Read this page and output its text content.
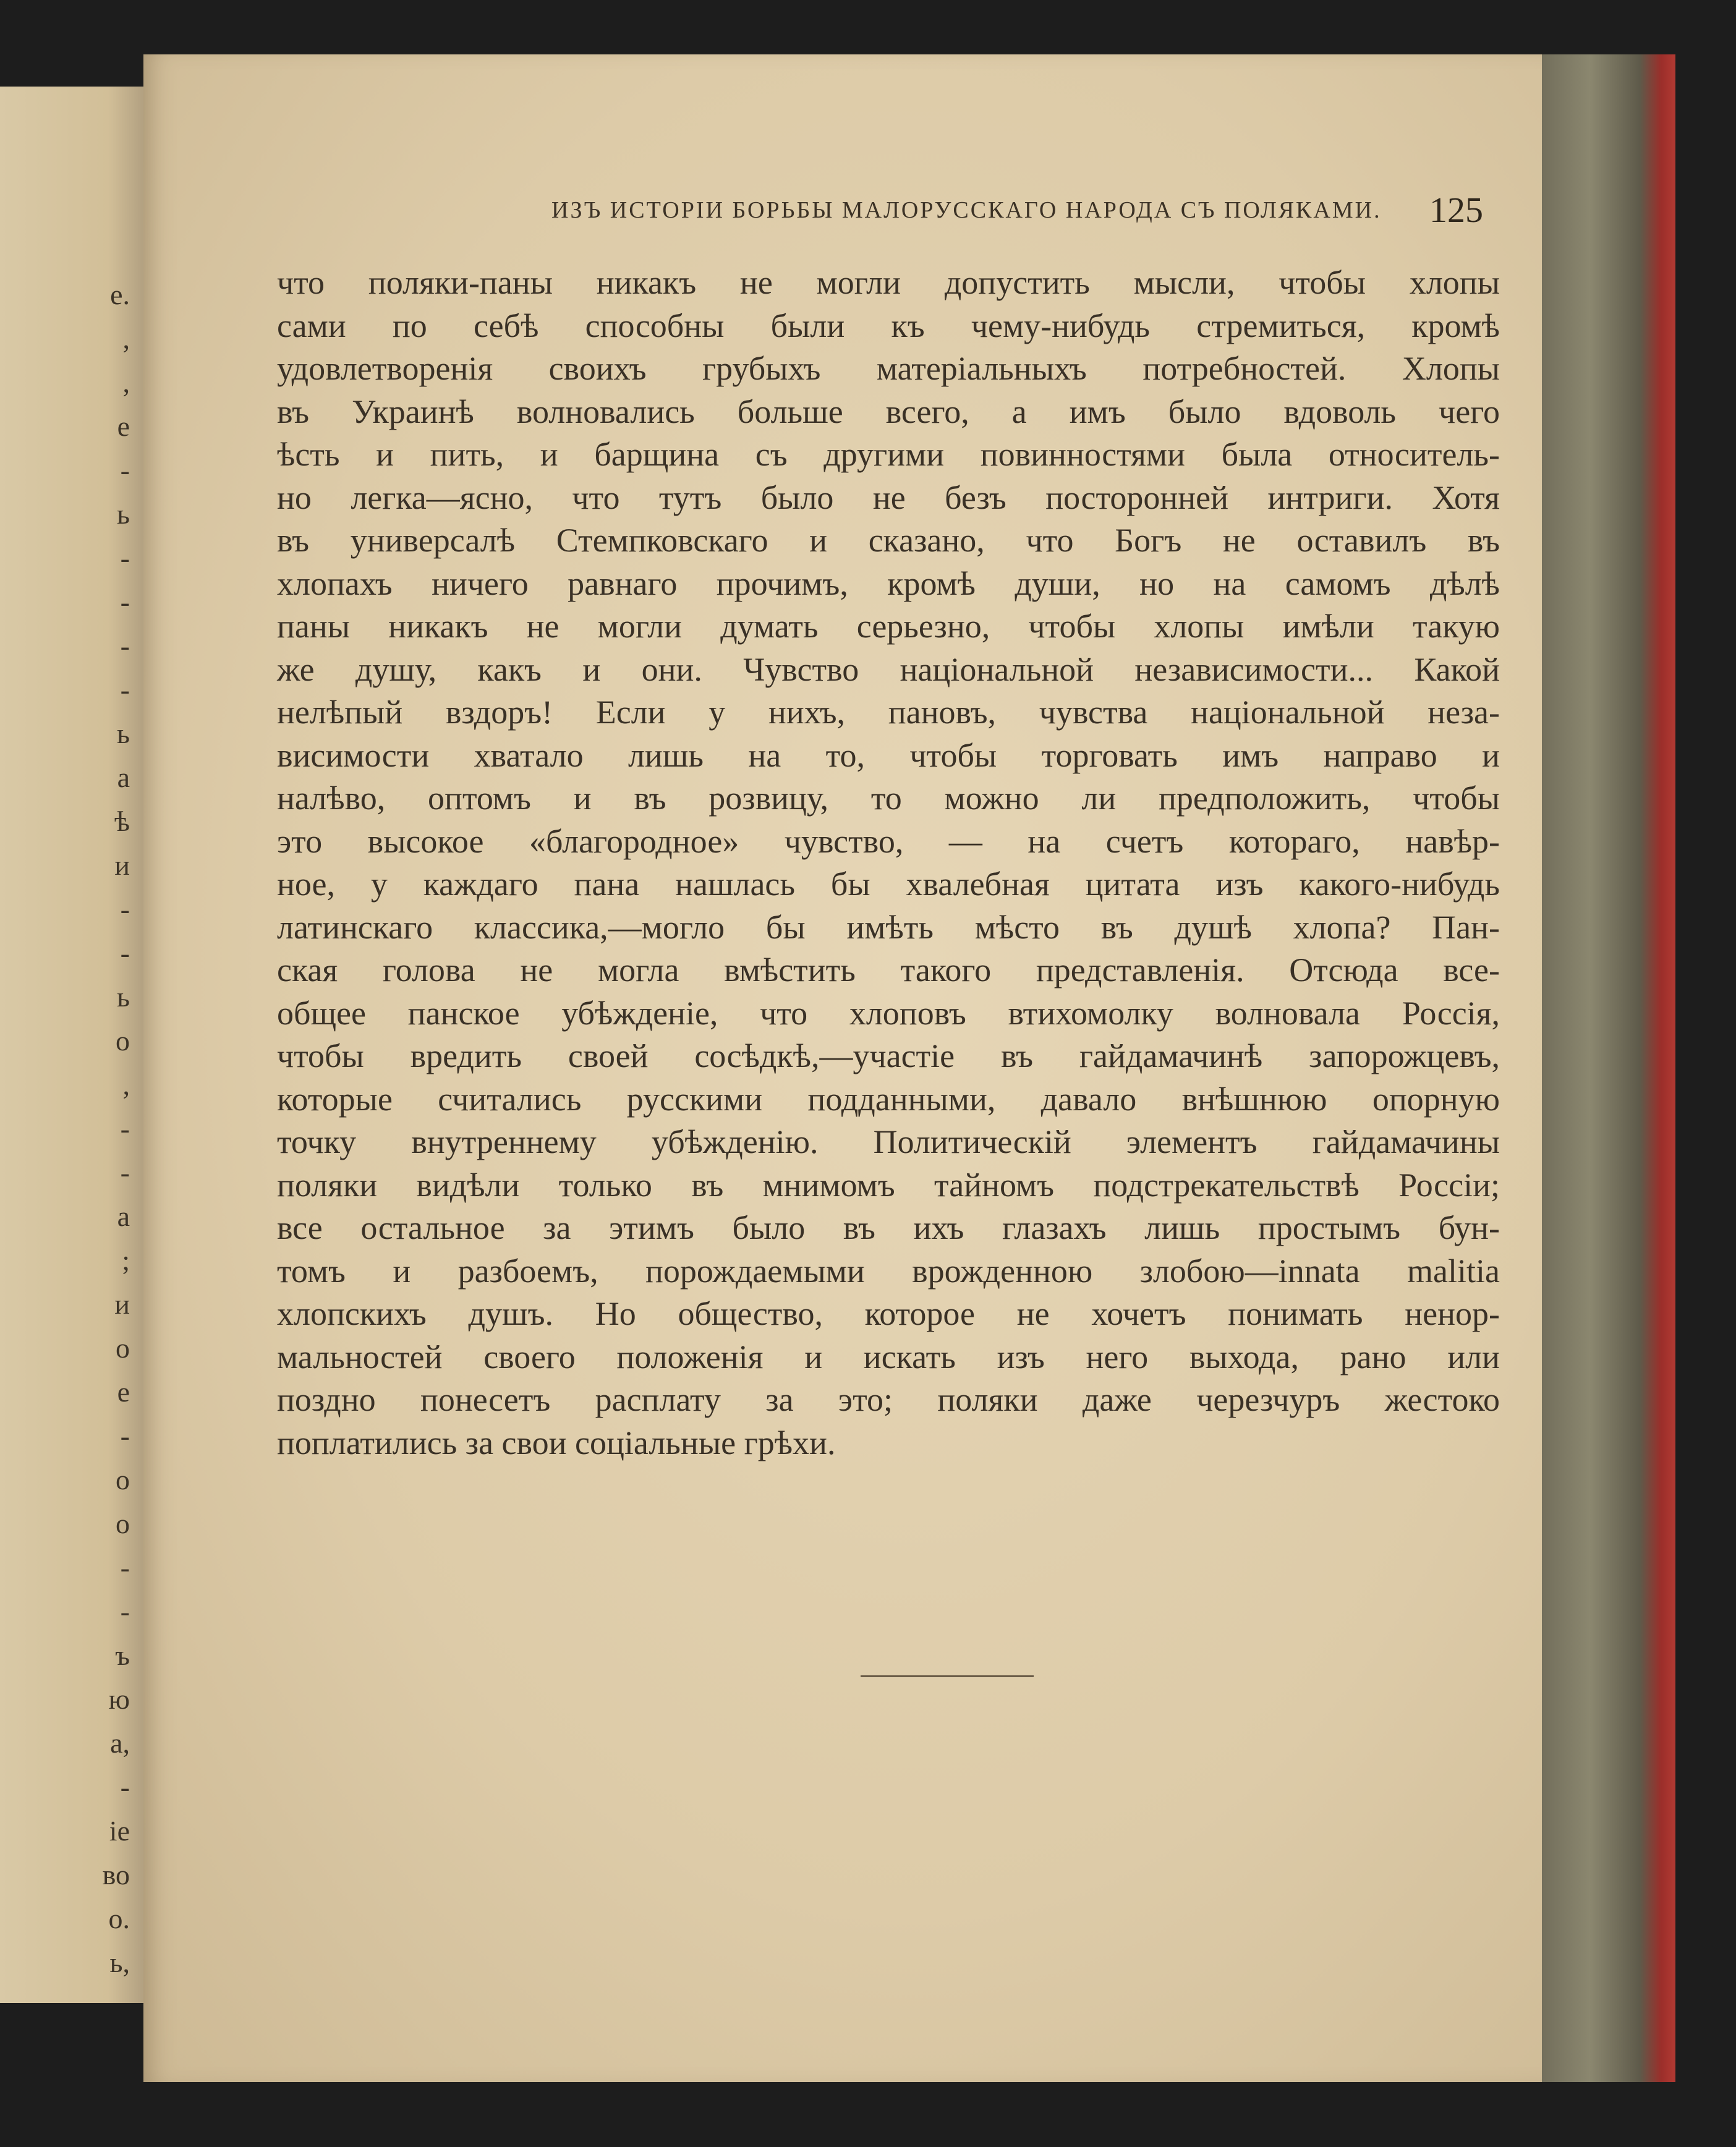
е.
,
,
е
-
ь
-
-
-
-
ь
а
ѣ
и
-
-
ь
о
,
-
-
а
;
и
о
е
-
о
о
-
-
ъ
ю
а,
-
ie
во
о.
ь,
ИЗЪ ИСТОРІИ БОРЬБЫ МАЛОРУССКАГО НАРОДА СЪ ПОЛЯКАМИ. 125
что поляки-паны никакъ не могли допустить мысли, чтобы хлопы
сами по себѣ способны были къ чему-нибудь стремиться, кромѣ
удовлетворенія своихъ грубыхъ матеріальныхъ потребностей. Хлопы
въ Украинѣ волновались больше всего, а имъ было вдоволь чего
ѣсть и пить, и барщина съ другими повинностями была относитель-
но легка—ясно, что тутъ было не безъ посторонней интриги. Хотя
въ универсалѣ Стемпковскаго и сказано, что Богъ не оставилъ въ
хлопахъ ничего равнаго прочимъ, кромѣ души, но на самомъ дѣлѣ
паны никакъ не могли думать серьезно, чтобы хлопы имѣли такую
же душу, какъ и они. Чувство національной независимости... Какой
нелѣпый вздоръ! Если у нихъ, пановъ, чувства національной неза-
висимости хватало лишь на то, чтобы торговать имъ направо и
налѣво, оптомъ и въ розвицу, то можно ли предположить, чтобы
это высокое «благородное» чувство, — на счетъ котораго, навѣр-
ное, у каждаго пана нашлась бы хвалебная цитата изъ какого-нибудь
латинскаго классика,—могло бы имѣть мѣсто въ душѣ хлопа? Пан-
ская голова не могла вмѣстить такого представленія. Отсюда все-
общее панское убѣжденіе, что хлоповъ втихомолку волновала Россія,
чтобы вредить своей сосѣдкѣ,—участіе въ гайдамачинѣ запорожцевъ,
которые считались русскими подданными, давало внѣшнюю опорную
точку внутреннему убѣжденію. Политическій элементъ гайдамачины
поляки видѣли только въ мнимомъ тайномъ подстрекательствѣ Россіи;
все остальное за этимъ было въ ихъ глазахъ лишь простымъ бун-
томъ и разбоемъ, порождаемыми врожденною злобою—innata malitia
хлопскихъ душъ. Но общество, которое не хочетъ понимать ненор-
мальностей своего положенія и искать изъ него выхода, рано или
поздно понесетъ расплату за это; поляки даже черезчуръ жестоко
поплатились за свои соціальные грѣхи.
